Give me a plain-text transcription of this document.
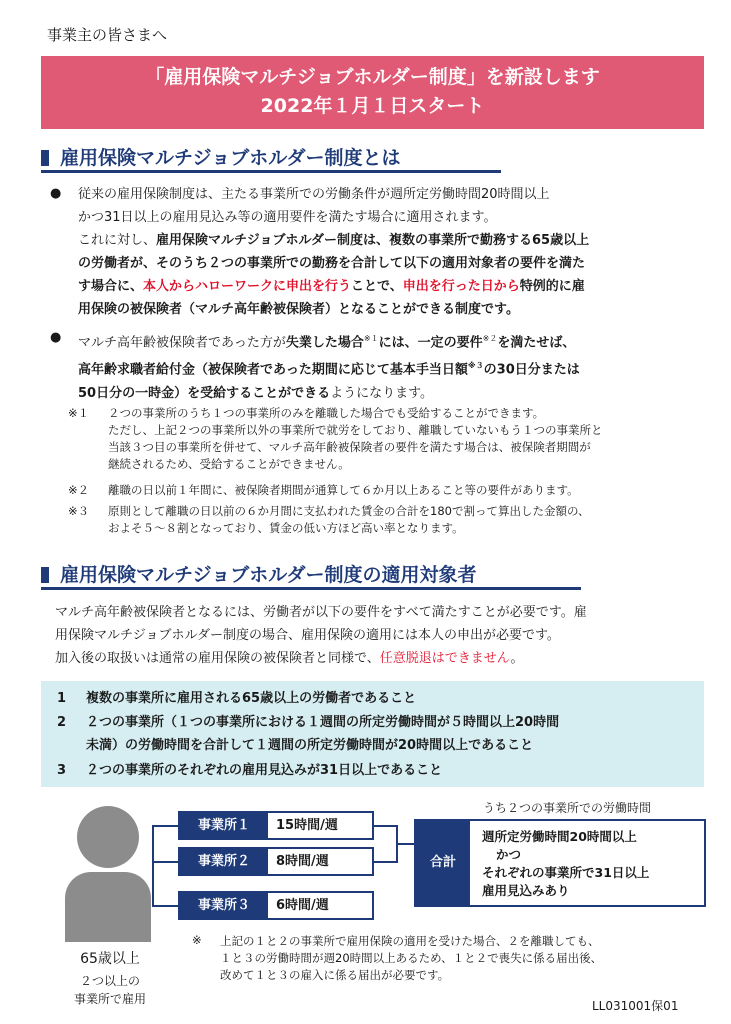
事業主の皆さまへ
「雇用保険マルチジョブホルダー制度」を新設します
2022年１月１日スタート
雇用保険マルチジョブホルダー制度とは
● 従来の雇用保険制度は、主たる事業所での労働条件が週所定労働時間20時間以上
かつ31日以上の雇用見込み等の適用要件を満たす場合に適用されます。
これに対し、雇用保険マルチジョブホルダー制度は、複数の事業所で勤務する65歳以上
の労働者が、そのうち２つの事業所での勤務を合計して以下の適用対象者の要件を満た
す場合に、本人からハローワークに申出を行うことで、申出を行った日から特例的に雇
用保険の被保険者（マルチ高年齢被保険者）となることができる制度です。
● マルチ高年齢被保険者であった方が失業した場合$^{※1}$には、一定の要件$^{※2}$を満たせば、
高年齢求職者給付金（被保険者であった期間に応じて基本手当日額$^{※3}$の30日分または
50日分の一時金）を受給することができるようになります。
※１ ２つの事業所のうち１つの事業所のみを離職した場合でも受給することができます。
ただし、上記２つの事業所以外の事業所で就労をしており、離職していないもう１つの事業所と
当該３つ目の事業所を併せて、マルチ高年齢被保険者の要件を満たす場合は、被保険者期間が
継続されるため、受給することができません。
※２ 離職の日以前１年間に、被保険者期間が通算して６か月以上あること等の要件があります。
※３ 原則として離職の日以前の６か月間に支払われた賃金の合計を180で割って算出した金額の、
およそ５～８割となっており、賃金の低い方ほど高い率となります。
雇用保険マルチジョブホルダー制度の適用対象者
マルチ高年齢被保険者となるには、労働者が以下の要件をすべて満たすことが必要です。雇
用保険マルチジョブホルダー制度の場合、雇用保険の適用には本人の申出が必要です。
加入後の取扱いは通常の雇用保険の被保険者と同様で、任意脱退はできません。
1 複数の事業所に雇用される65歳以上の労働者であること
2 ２つの事業所（１つの事業所における１週間の所定労働時間が５時間以上20時間
未満）の労働時間を合計して１週間の所定労働時間が20時間以上であること
3 ２つの事業所のそれぞれの雇用見込みが31日以上であること
65歳以上
２つ以上の
事業所で雇用
事業所１	15時間/週
事業所２	8時間/週
事業所３	6時間/週
うち２つの事業所での労働時間
合計
週所定労働時間20時間以上
かつ
それぞれの事業所で31日以上
雇用見込みあり
※ 上記の１と２の事業所で雇用保険の適用を受けた場合、２を離職しても、
１と３の労働時間が週20時間以上あるため、１と２で喪失に係る届出後、
改めて１と３の雇入に係る届出が必要です。
LL031001保01
